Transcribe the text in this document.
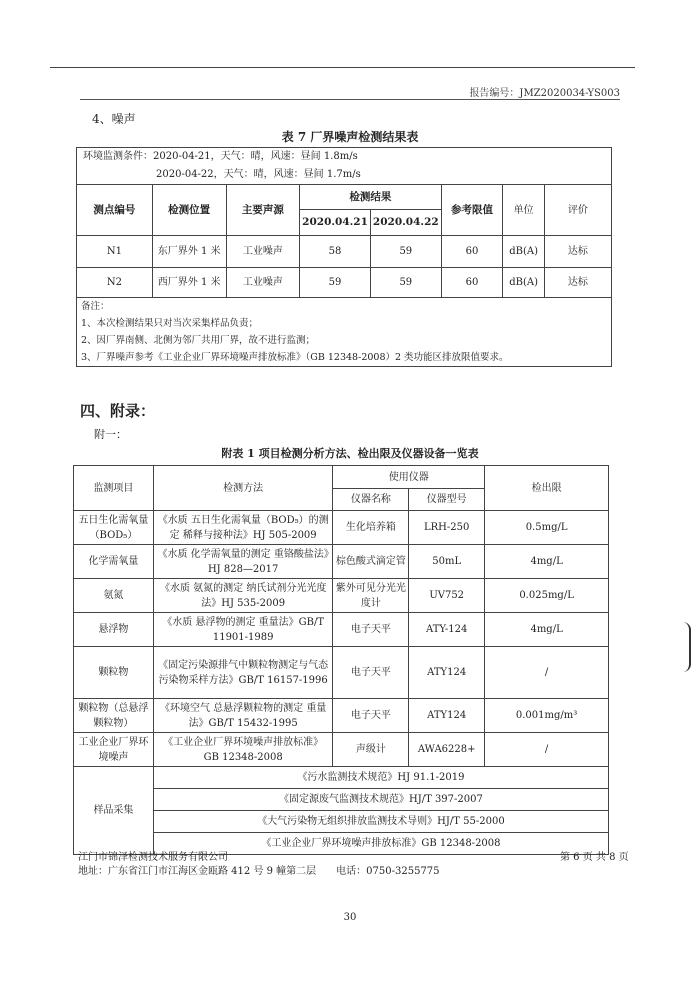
报告编号：JMZ2020034-YS003
4、噪声
表 7 厂界噪声检测结果表
环境监测条件：2020-04-21，天气：晴，风速：昼间 1.8m/s
2020-04-22，天气：晴，风速：昼间 1.7m/s							

测点编号	检测位置	主要声源	检测结果		参考限值	单位	评价
			2020.04.21	2020.04.22			
N1	东厂界外 1 米	工业噪声	58	59	60	dB(A)	达标
N2	西厂界外 1 米	工业噪声	59	59	60	dB(A)	达标

备注：
1、本次检测结果只对当次采集样品负责；
2、因厂界南侧、北侧为邻厂共用厂界，故不进行监测；
3、厂界噪声参考《工业企业厂界环境噪声排放标准》（GB 12348-2008）2 类功能区排放限值要求。							
四、附录：
附一：
附表 1 项目检测分析方法、检出限及仪器设备一览表
监测项目	检测方法	使用仪器		检出限
		仪器名称	仪器型号	
五日生化需氧量（BOD₅）	《水质 五日生化需氧量（BOD₅）的测定 稀释与接种法》HJ 505-2009	生化培养箱	LRH-250	0.5mg/L
化学需氧量	《水质 化学需氧量的测定 重铬酸盐法》HJ 828—2017	棕色酸式滴定管	50mL	4mg/L
氨氮	《水质 氨氮的测定 纳氏试剂分光光度法》HJ 535-2009	紫外可见分光光度计	UV752	0.025mg/L
悬浮物	《水质 悬浮物的测定 重量法》GB/T 11901-1989	电子天平	ATY-124	4mg/L
颗粒物	《固定污染源排气中颗粒物测定与气态污染物采样方法》GB/T 16157-1996	电子天平	ATY124	/
颗粒物（总悬浮颗粒物）	《环境空气 总悬浮颗粒物的测定 重量法》GB/T 15432-1995	电子天平	ATY124	0.001mg/m³
工业企业厂界环境噪声	《工业企业厂界环境噪声排放标准》GB 12348-2008	声级计	AWA6228+	/
样品采集	《污水监测技术规范》HJ 91.1-2019			
	《固定源废气监测技术规范》HJ/T 397-2007			
	《大气污染物无组织排放监测技术导则》HJ/T 55-2000			
	《工业企业厂界环境噪声排放标准》GB 12348-2008			
江门市锦泽检测技术服务有限公司	第 6 页 共 8 页
地址：广东省江门市江海区金瓯路 412 号 9 幢第二层　　电话：0750-3255775
30
